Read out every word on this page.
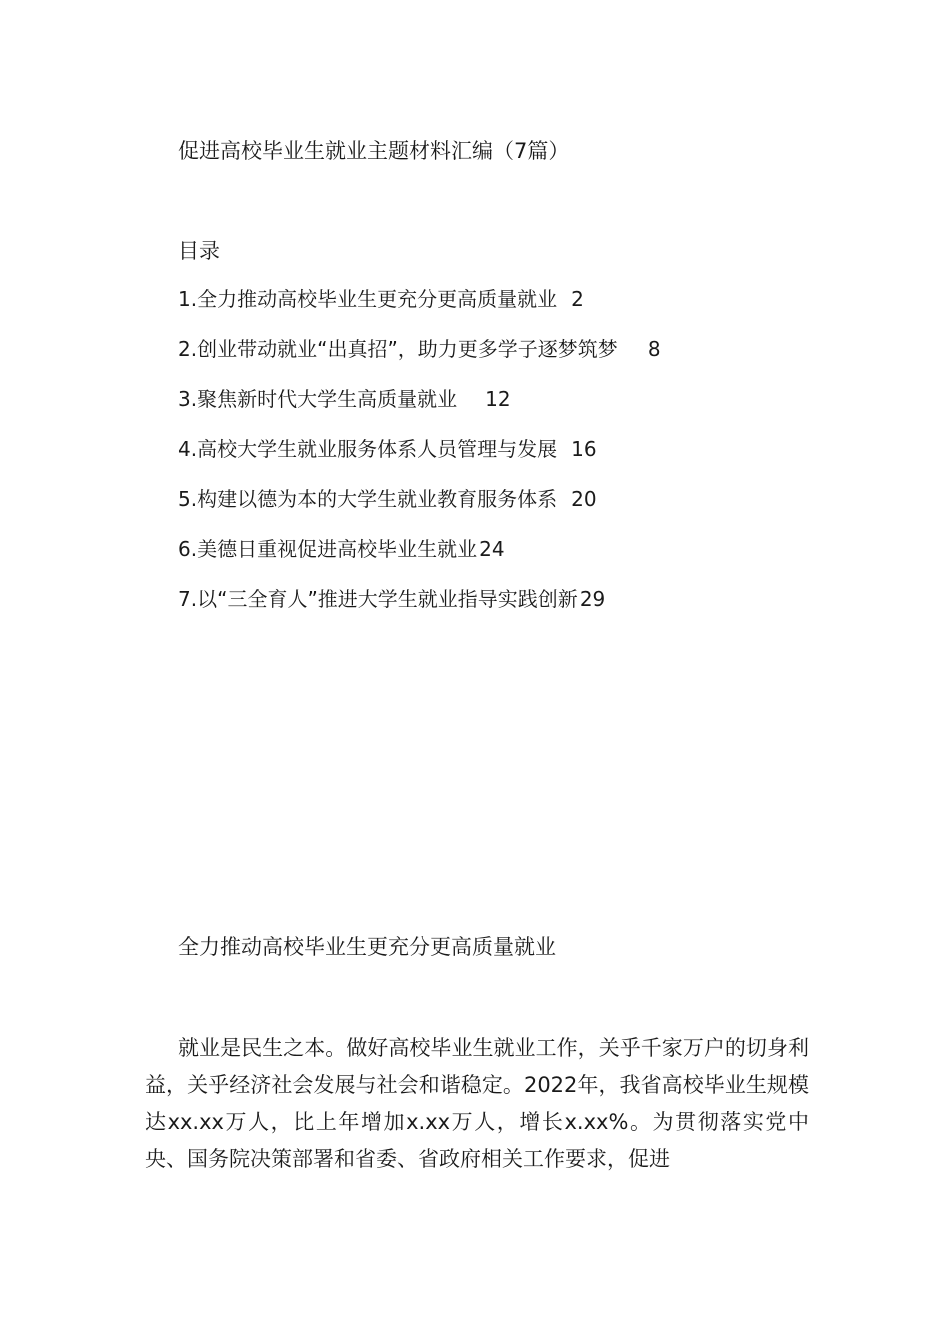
促进高校毕业生就业主题材料汇编（7篇）
目录
1.全力推动高校毕业生更充分更高质量就业 2
2.创业带动就业“出真招”，助力更多学子逐梦筑梦 8
3.聚焦新时代大学生高质量就业 12
4.高校大学生就业服务体系人员管理与发展 16
5.构建以德为本的大学生就业教育服务体系 20
6.美德日重视促进高校毕业生就业 24
7.以“三全育人”推进大学生就业指导实践创新 29
全力推动高校毕业生更充分更高质量就业

就业是民生之本。做好高校毕业生就业工作，关乎千家万户的切身利益，关乎经济社会发展与社会和谐稳定。2022年，我省高校毕业生规模达xx.xx万人，比上年增加x.xx万人，增长x.xx%。为贯彻落实党中央、国务院决策部署和省委、省政府相关工作要求，促进
